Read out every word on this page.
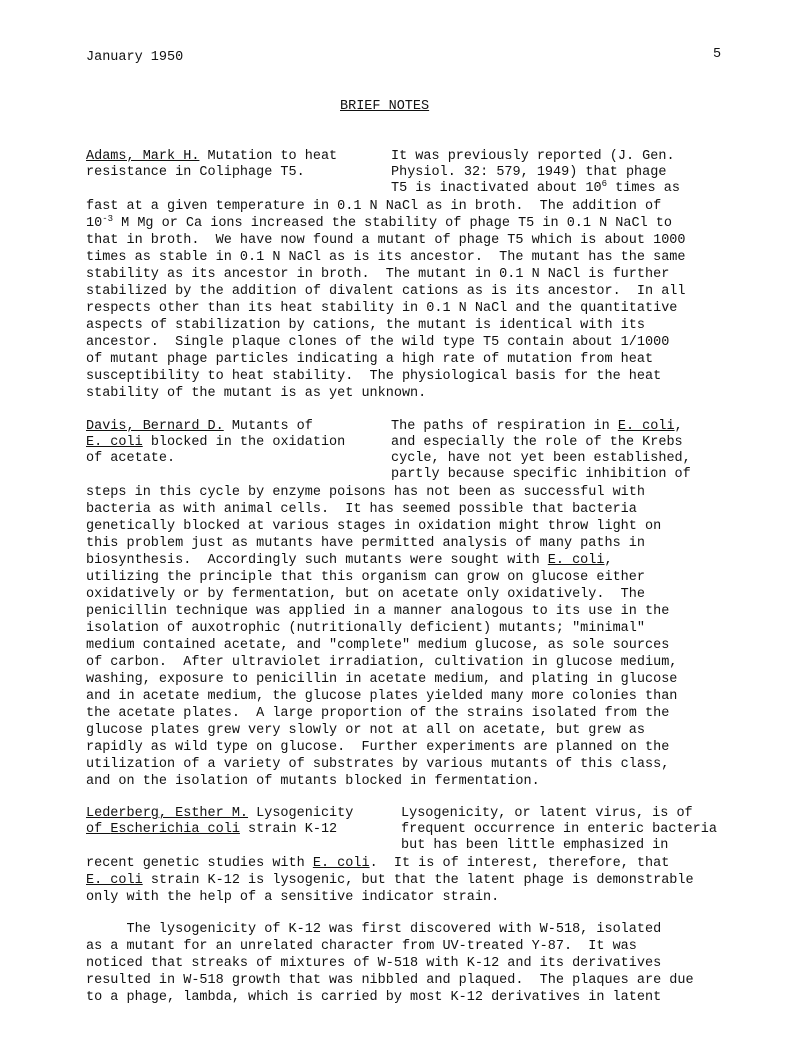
January 1950	5
BRIEF NOTES
Adams, Mark H. Mutation to heat
resistance in Coliphage T5.
It was previously reported (J. Gen.
Physiol. 32: 579, 1949) that phage
T5 is inactivated about $10^6$ times as
fast at a given temperature in 0.1 N NaCl as in broth.  The addition of
$10^{-3}$ M Mg or Ca ions increased the stability of phage T5 in 0.1 N NaCl to
that in broth.  We have now found a mutant of phage T5 which is about 1000
times as stable in 0.1 N NaCl as is its ancestor.  The mutant has the same
stability as its ancestor in broth.  The mutant in 0.1 N NaCl is further
stabilized by the addition of divalent cations as is its ancestor.  In all
respects other than its heat stability in 0.1 N NaCl and the quantitative
aspects of stabilization by cations, the mutant is identical with its
ancestor.  Single plaque clones of the wild type T5 contain about 1/1000
of mutant phage particles indicating a high rate of mutation from heat
susceptibility to heat stability.  The physiological basis for the heat
stability of the mutant is as yet unknown.
Davis, Bernard D. Mutants of
E. coli blocked in the oxidation
of acetate.
The paths of respiration in E. coli,
and especially the role of the Krebs
cycle, have not yet been established,
partly because specific inhibition of
steps in this cycle by enzyme poisons has not been as successful with
bacteria as with animal cells.  It has seemed possible that bacteria
genetically blocked at various stages in oxidation might throw light on
this problem just as mutants have permitted analysis of many paths in
biosynthesis.  Accordingly such mutants were sought with E. coli,
utilizing the principle that this organism can grow on glucose either
oxidatively or by fermentation, but on acetate only oxidatively.  The
penicillin technique was applied in a manner analogous to its use in the
isolation of auxotrophic (nutritionally deficient) mutants; "minimal"
medium contained acetate, and "complete" medium glucose, as sole sources
of carbon.  After ultraviolet irradiation, cultivation in glucose medium,
washing, exposure to penicillin in acetate medium, and plating in glucose
and in acetate medium, the glucose plates yielded many more colonies than
the acetate plates.  A large proportion of the strains isolated from the
glucose plates grew very slowly or not at all on acetate, but grew as
rapidly as wild type on glucose.  Further experiments are planned on the
utilization of a variety of substrates by various mutants of this class,
and on the isolation of mutants blocked in fermentation.
Lederberg, Esther M. Lysogenicity
of Escherichia coli strain K-12
Lysogenicity, or latent virus, is of
frequent occurrence in enteric bacteria
but has been little emphasized in
recent genetic studies with E. coli.  It is of interest, therefore, that
E. coli strain K-12 is lysogenic, but that the latent phage is demonstrable
only with the help of a sensitive indicator strain.
The lysogenicity of K-12 was first discovered with W-518, isolated
as a mutant for an unrelated character from UV-treated Y-87.  It was
noticed that streaks of mixtures of W-518 with K-12 and its derivatives
resulted in W-518 growth that was nibbled and plaqued.  The plaques are due
to a phage, lambda, which is carried by most K-12 derivatives in latent
